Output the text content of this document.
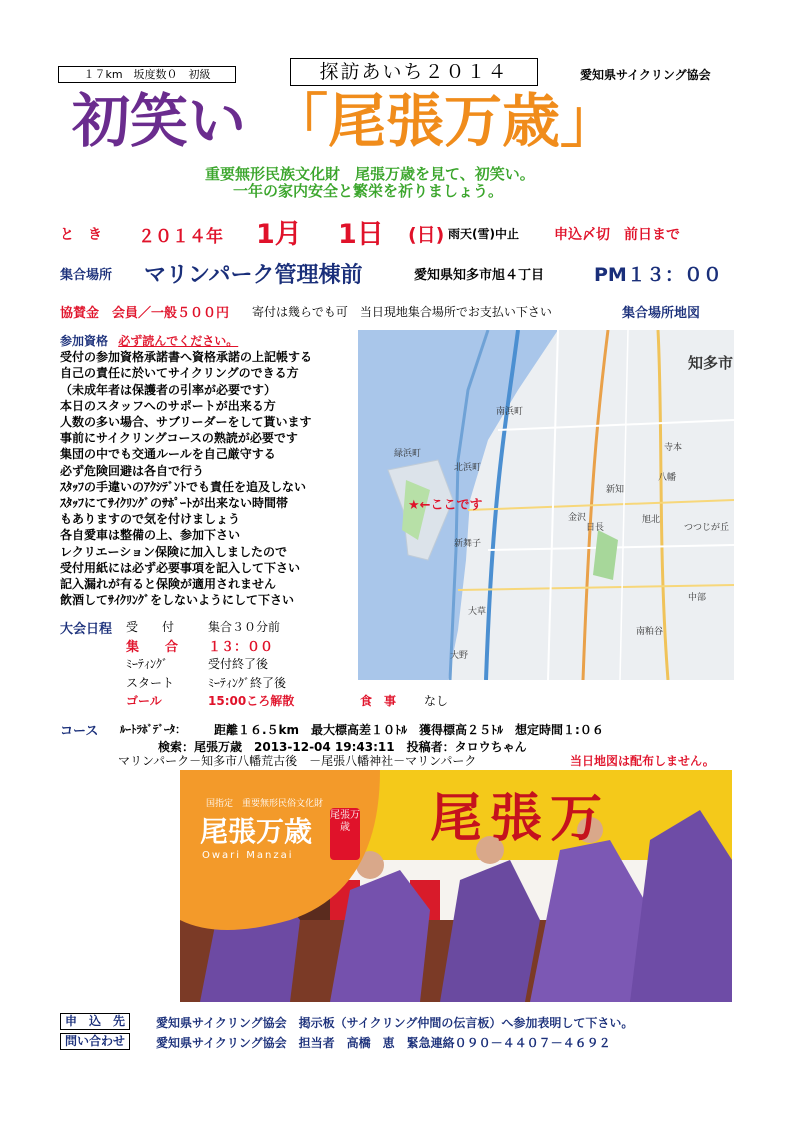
１７km　坂度数０　初級	探訪あいち２０１４	愛知県サイクリング協会
初笑い 「尾張万歳」
重要無形民族文化財　尾張万歳を見て、初笑い。
一年の家内安全と繁栄を祈りましょう。
と　き ２０１４年 1月 1日 (日) 雨天(雪)中止	申込〆切　前日まで
集合場所 マリンパーク管理棟前	愛知県知多市旭４丁目	PM１３：００
協賛金 会員／一般５００円 寄付は幾らでも可　当日現地集合場所でお支払い下さい	集合場所地図
参加資格 必ず読んでください。
受付の参加資格承諾書へ資格承諾の上記帳する
自己の責任に於いてサイクリングのできる方
（未成年者は保護者の引率が必要です）
本日のスタッフへのサポートが出来る方
人数の多い場合、サブリーダーをして貰います
事前にサイクリングコースの熟読が必要です
集団の中でも交通ルールを自己厳守する
必ず危険回避は各自で行う
ｽﾀｯﾌの手違いのｱｸｼﾃﾞﾝﾄでも責任を追及しない
ｽﾀｯﾌにてｻｲｸﾘﾝｸﾞのｻﾎﾟｰﾄが出来ない時間帯
もありますので気を付けましょう
各自愛車は整備の上、参加下さい
レクリエーション保険に加入しましたので
受付用紙には必ず必要事項を記入して下さい
記入漏れが有ると保険が適用されません
飲酒してｻｲｸﾘﾝｸﾞをしないようにして下さい
★←ここです
知多市
南浜町
新舞子
大草
日長
金沢	旭北
八幡
北浜町
大野
南粕谷
緑浜町
新知
つつじが丘
中部
寺本
大会日程 受　　付	集合３０分前
集　　合 １３：００
ﾐｰﾃｨﾝｸﾞ	受付終了後
スタート	ﾐｰﾃｨﾝｸﾞ終了後
ゴール	15:00ころ解散	食　事 なし
コース ﾙｰﾄﾗﾎﾞﾃﾞｰﾀ： 距離１６.５km　最大標高差１０ﾄﾙ　獲得標高２５ﾄﾙ　想定時間１:０６
検索：尾張万歳　2013-12-04 19:43:11　投稿者：タロウちゃん
マリンパーク－知多市八幡荒古後　－尾張八幡神社－マリンパーク	当日地図は配布しません。
尾張万
国指定　重要無形民俗文化財
尾張万歳 尾張万歳
Owari Manzai
申　込　先	愛知県サイクリング協会　掲示板（サイクリング仲間の伝言板）へ参加表明して下さい。
問い合わせ	愛知県サイクリング協会　担当者　高橋　恵　緊急連絡０９０－４４０７－４６９２
